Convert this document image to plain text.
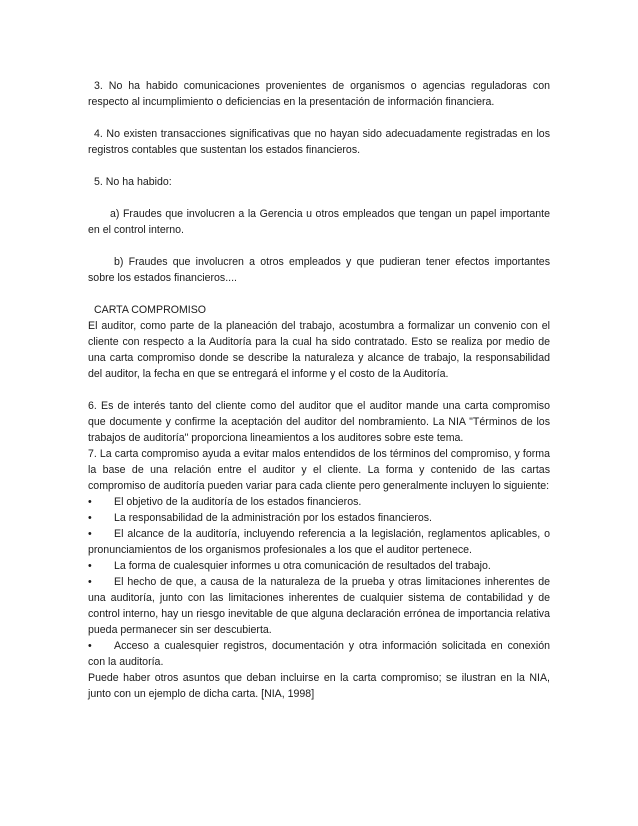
3. No ha habido comunicaciones provenientes de organismos o agencias reguladoras con respecto al incumplimiento o deficiencias en la presentación de información financiera.

4. No existen transacciones significativas que no hayan sido adecuadamente registradas en los registros contables que sustentan los estados financieros.

5. No ha habido:

a) Fraudes que involucren a la Gerencia u otros empleados que tengan un papel importante en el control interno.

b) Fraudes que involucren a otros empleados y que pudieran tener efectos importantes sobre los estados financieros....

CARTA COMPROMISO

El auditor, como parte de la planeación del trabajo, acostumbra a formalizar un convenio con el cliente con respecto a la Auditoría para la cual ha sido contratado. Esto se realiza por medio de una carta compromiso donde se describe la naturaleza y alcance de trabajo, la responsabilidad del auditor, la fecha en que se entregará el informe y el costo de la Auditoría.

6. Es de interés tanto del cliente como del auditor que el auditor mande una carta compromiso que documente y confirme la aceptación del auditor del nombramiento. La NIA "Términos de los trabajos de auditoría" proporciona lineamientos a los auditores sobre este tema.

7. La carta compromiso ayuda a evitar malos entendidos de los términos del compromiso, y forma la base de una relación entre el auditor y el cliente. La forma y contenido de las cartas compromiso de auditoría pueden variar para cada cliente pero generalmente incluyen lo siguiente:

• El objetivo de la auditoría de los estados financieros.

• La responsabilidad de la administración por los estados financieros.

• El alcance de la auditoría, incluyendo referencia a la legislación, reglamentos aplicables, o pronunciamientos de los organismos profesionales a los que el auditor pertenece.

• La forma de cualesquier informes u otra comunicación de resultados del trabajo.

• El hecho de que, a causa de la naturaleza de la prueba y otras limitaciones inherentes de una auditoría, junto con las limitaciones inherentes de cualquier sistema de contabilidad y de control interno, hay un riesgo inevitable de que alguna declaración errónea de importancia relativa pueda permanecer sin ser descubierta.

• Acceso a cualesquier registros, documentación y otra información solicitada en conexión con la auditoría.

Puede haber otros asuntos que deban incluirse en la carta compromiso; se ilustran en la NIA, junto con un ejemplo de dicha carta. [NIA, 1998]
